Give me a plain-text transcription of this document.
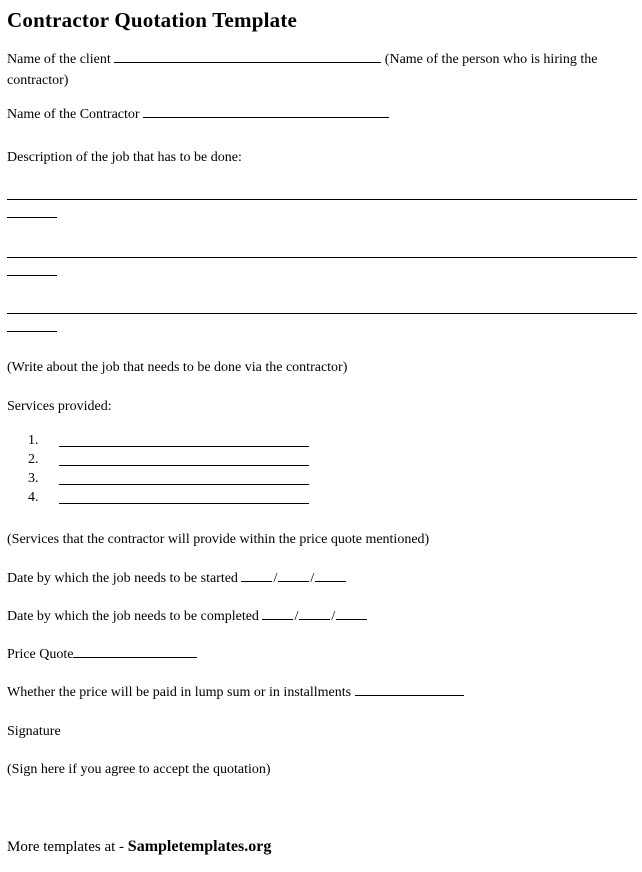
Contractor Quotation Template

Name of the client	(Name of the person who is hiring the contractor)

Name of the Contractor

Description of the job that has to be done:

(Write about the job that needs to be done via the contractor)

Services provided:

1.
2.
3.
4.

(Services that the contractor will provide within the price quote mentioned)

Date by which the job needs to be started	/ /

Date by which the job needs to be completed	/ /

Price Quote

Whether the price will be paid in lump sum or in installments

Signature

(Sign here if you agree to accept the quotation)

More templates at - Sampletemplates.org
